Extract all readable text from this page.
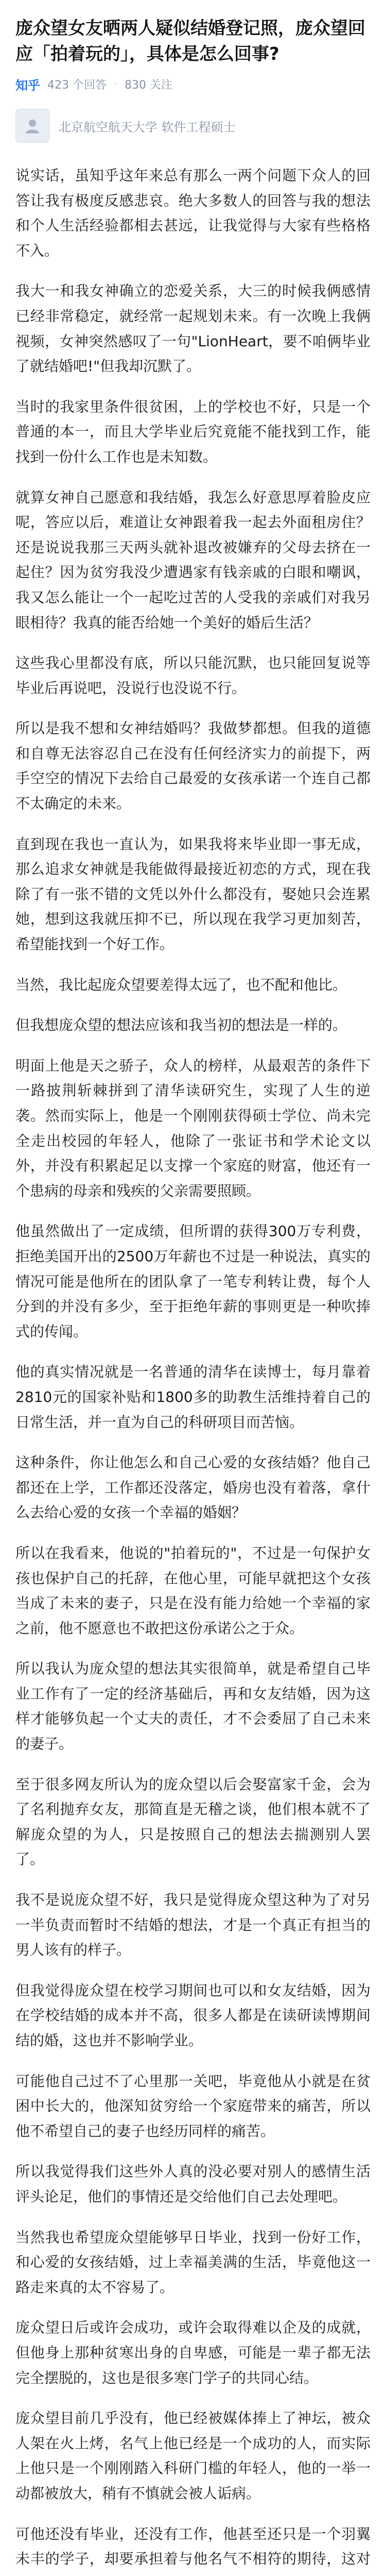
庞众望女友晒两人疑似结婚登记照，庞众望回应「拍着玩的」，具体是怎么回事?
知乎 423 个回答 · 830 关注
北京航空航天大学 软件工程硕士

说实话，虽知乎这年来总有那么一两个问题下众人的回答让我有极度反感悲哀。绝大多数人的回答与我的想法和个人生活经验都相去甚远，让我觉得与大家有些格格不入。

我大一和我女神确立的恋爱关系，大三的时候我俩感情已经非常稳定，就经常一起规划未来。有一次晚上我俩视频，女神突然感叹了一句"LionHeart，要不咱俩毕业了就结婚吧!"但我却沉默了。

当时的我家里条件很贫困，上的学校也不好，只是一个普通的本一，而且大学毕业后究竟能不能找到工作，能找到一份什么工作也是未知数。

就算女神自己愿意和我结婚，我怎么好意思厚着脸皮应呢，答应以后，难道让女神跟着我一起去外面租房住？还是说说我那三天两头就补退改被嫌弃的父母去挤在一起住？因为贫穷我没少遭遇家有钱亲戚的白眼和嘲讽，我又怎么能让一个一起吃过苦的人受我的亲戚们对我另眼相待？我真的能否给她一个美好的婚后生活？

这些我心里都没有底，所以只能沉默，也只能回复说等毕业后再说吧，没说行也没说不行。

所以是我不想和女神结婚吗？我做梦都想。但我的道德和自尊无法容忍自己在没有任何经济实力的前提下，两手空空的情况下去给自己最爱的女孩承诺一个连自己都不太确定的未来。

直到现在我也一直认为，如果我将来毕业即一事无成，那么追求女神就是我能做得最接近初恋的方式，现在我除了有一张不错的文凭以外什么都没有，娶她只会连累她，想到这我就压抑不已，所以现在我学习更加刻苦，希望能找到一个好工作。

当然，我比起庞众望要差得太远了，也不配和他比。

但我想庞众望的想法应该和我当初的想法是一样的。

明面上他是天之骄子，众人的榜样，从最艰苦的条件下一路披荆斩棘拼到了清华读研究生，实现了人生的逆袭。然而实际上，他是一个刚刚获得硕士学位、尚未完全走出校园的年轻人，他除了一张证书和学术论文以外，并没有积累起足以支撑一个家庭的财富，他还有一个患病的母亲和残疾的父亲需要照顾。

他虽然做出了一定成绩，但所谓的获得300万专利费，拒绝美国开出的2500万年薪也不过是一种说法，真实的情况可能是他所在的团队拿了一笔专利转让费，每个人分到的并没有多少，至于拒绝年薪的事则更是一种吹捧式的传闻。

他的真实情况就是一名普通的清华在读博士，每月靠着2810元的国家补贴和1800多的助教生活维持着自己的日常生活，并一直为自己的科研项目而苦恼。

这种条件，你让他怎么和自己心爱的女孩结婚？他自己都还在上学，工作都还没落定，婚房也没有着落，拿什么去给心爱的女孩一个幸福的婚姻？

所以在我看来，他说的"拍着玩的"，不过是一句保护女孩也保护自己的托辞，在他心里，可能早就把这个女孩当成了未来的妻子，只是在没有能力给她一个幸福的家之前，他不愿意也不敢把这份承诺公之于众。

所以我认为庞众望的想法其实很简单，就是希望自己毕业工作有了一定的经济基础后，再和女友结婚，因为这样才能够负起一个丈夫的责任，才不会委屈了自己未来的妻子。

至于很多网友所认为的庞众望以后会娶富家千金，会为了名利抛弃女友，那简直是无稽之谈，他们根本就不了解庞众望的为人，只是按照自己的想法去揣测别人罢了。

我不是说庞众望不好，我只是觉得庞众望这种为了对另一半负责而暂时不结婚的想法，才是一个真正有担当的男人该有的样子。

但我觉得庞众望在校学习期间也可以和女友结婚，因为在学校结婚的成本并不高，很多人都是在读研读博期间结的婚，这也并不影响学业。

可能他自己过不了心里那一关吧，毕竟他从小就是在贫困中长大的，他深知贫穷给一个家庭带来的痛苦，所以他不希望自己的妻子也经历同样的痛苦。

所以我觉得我们这些外人真的没必要对别人的感情生活评头论足，他们的事情还是交给他们自己去处理吧。

当然我也希望庞众望能够早日毕业，找到一份好工作，和心爱的女孩结婚，过上幸福美满的生活，毕竟他这一路走来真的太不容易了。

庞众望日后或许会成功，或许会取得难以企及的成就，但他身上那种贫寒出身的自卑感，可能是一辈子都无法完全摆脱的，这也是很多寒门学子的共同心结。

庞众望目前几乎没有，他已经被媒体捧上了神坛，被众人架在火上烤，名气上他已经是一个成功的人，而实际上他只是一个刚刚踏入科研门槛的年轻人，他的一举一动都被放大，稍有不慎就会被人诟病。

可他还没有毕业，还没有工作，他甚至还只是一个羽翼未丰的学子，却要承担着与他名气不相符的期待，这对
